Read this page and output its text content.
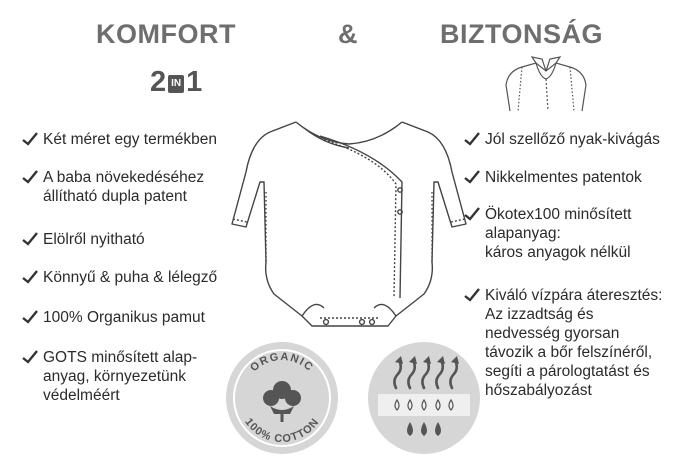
KOMFORT	&	BIZTONSÁG
2 IN 1
Két méret egy termékben
A baba növekedéséhez
állítható dupla patent
Elölről nyitható
Könnyű & puha & lélegző
100% Organikus pamut
GOTS minősített alap-
anyag, környezetünk
védelméért
Jól szellőző nyak-kivágás
Nikkelmentes patentok
Ökotex100 minősített
alapanyag:
káros anyagok nélkül
Kiváló vízpára áteresztés:
Az izzadtság és
nedvesség gyorsan
távozik a bőr felszínéről,
segíti a párologtatást és
hőszabályozást
ORGANIC
100% COTTON
